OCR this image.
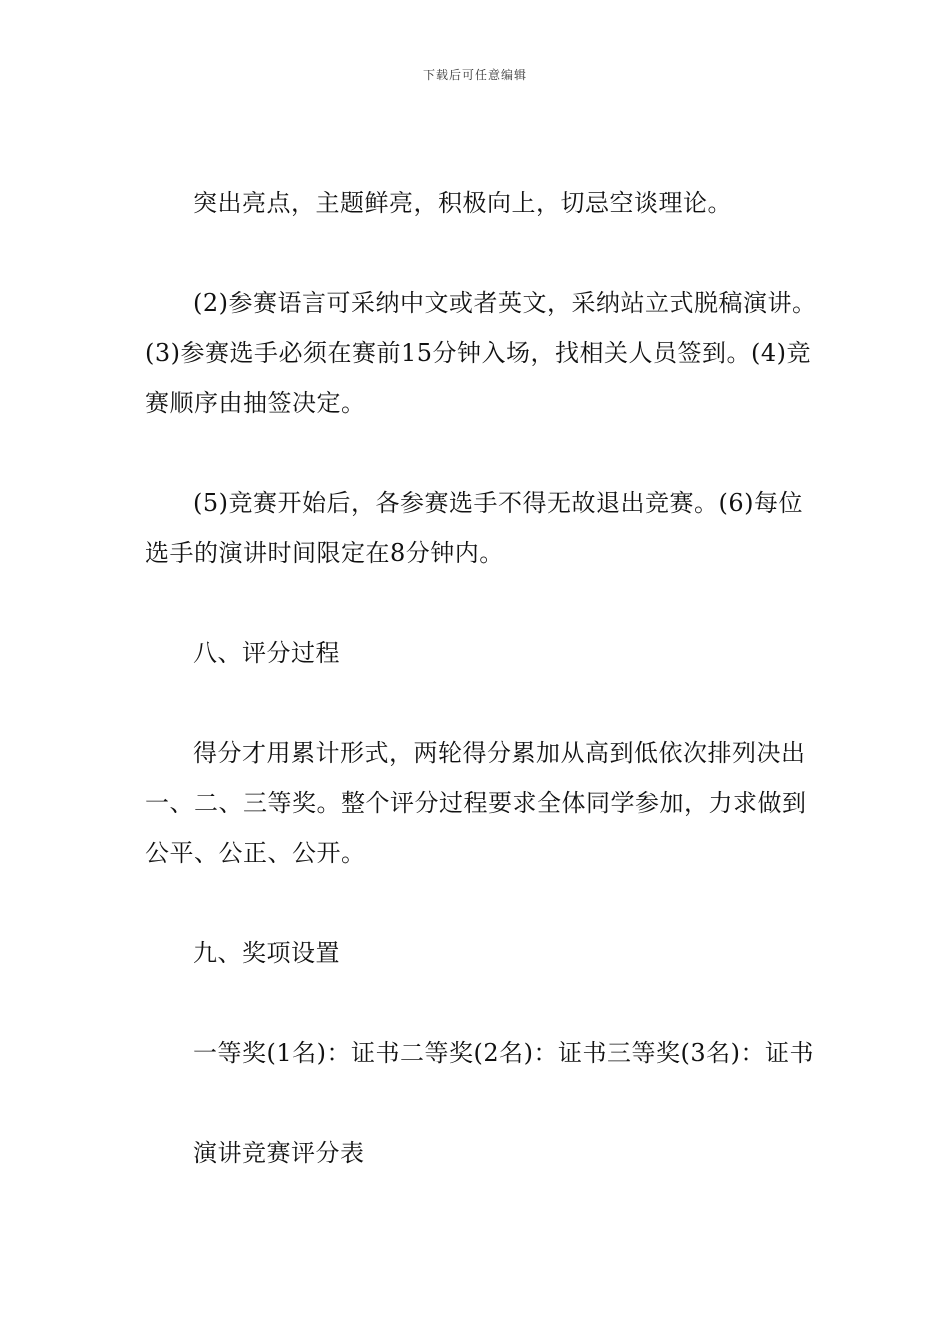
下载后可任意编辑

突出亮点，主题鲜亮，积极向上，切忌空谈理论。

(2)参赛语言可采纳中文或者英文，采纳站立式脱稿演讲。(3)参赛选手必须在赛前15分钟入场，找相关人员签到。(4)竞赛顺序由抽签决定。

(5)竞赛开始后，各参赛选手不得无故退出竞赛。(6)每位选手的演讲时间限定在8分钟内。

八、评分过程

得分才用累计形式，两轮得分累加从高到低依次排列决出一、二、三等奖。整个评分过程要求全体同学参加，力求做到公平、公正、公开。

九、奖项设置

一等奖(1名)：证书二等奖(2名)：证书三等奖(3名)：证书

演讲竞赛评分表
